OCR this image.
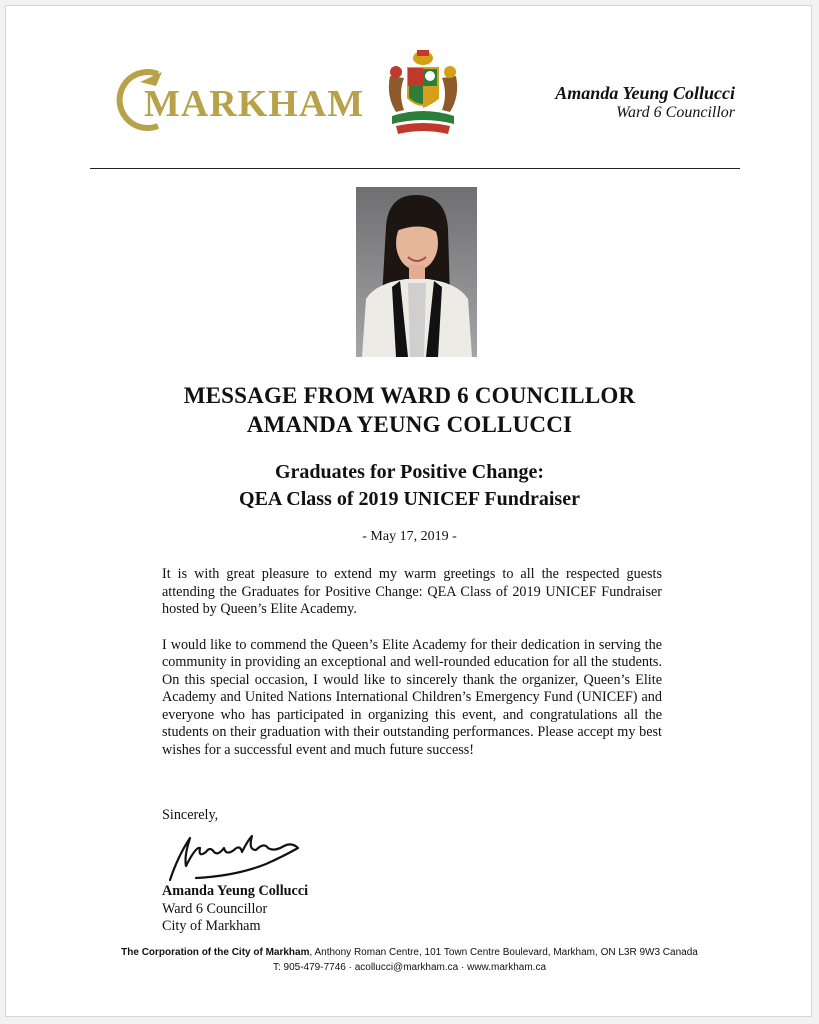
MARKHAM	Amanda Yeung Collucci
Ward 6 Councillor
MESSAGE FROM WARD 6 COUNCILLOR
AMANDA YEUNG COLLUCCI
Graduates for Positive Change:
QEA Class of 2019 UNICEF Fundraiser
- May 17, 2019 -

It is with great pleasure to extend my warm greetings to all the respected guests attending the Graduates for Positive Change: QEA Class of 2019 UNICEF Fundraiser hosted by Queen’s Elite Academy.

I would like to commend the Queen’s Elite Academy for their dedication in serving the community in providing an exceptional and well-rounded education for all the students. On this special occasion, I would like to sincerely thank the organizer, Queen’s Elite Academy and United Nations International Children’s Emergency Fund (UNICEF) and everyone who has participated in organizing this event, and congratulations all the students on their graduation with their outstanding performances. Please accept my best wishes for a successful event and much future success!

Sincerely,
Amanda Yeung Collucci
Ward 6 Councillor
City of Markham
The Corporation of the City of Markham, Anthony Roman Centre, 101 Town Centre Boulevard, Markham, ON L3R 9W3 Canada
T: 905-479-7746 · acollucci@markham.ca · www.markham.ca
